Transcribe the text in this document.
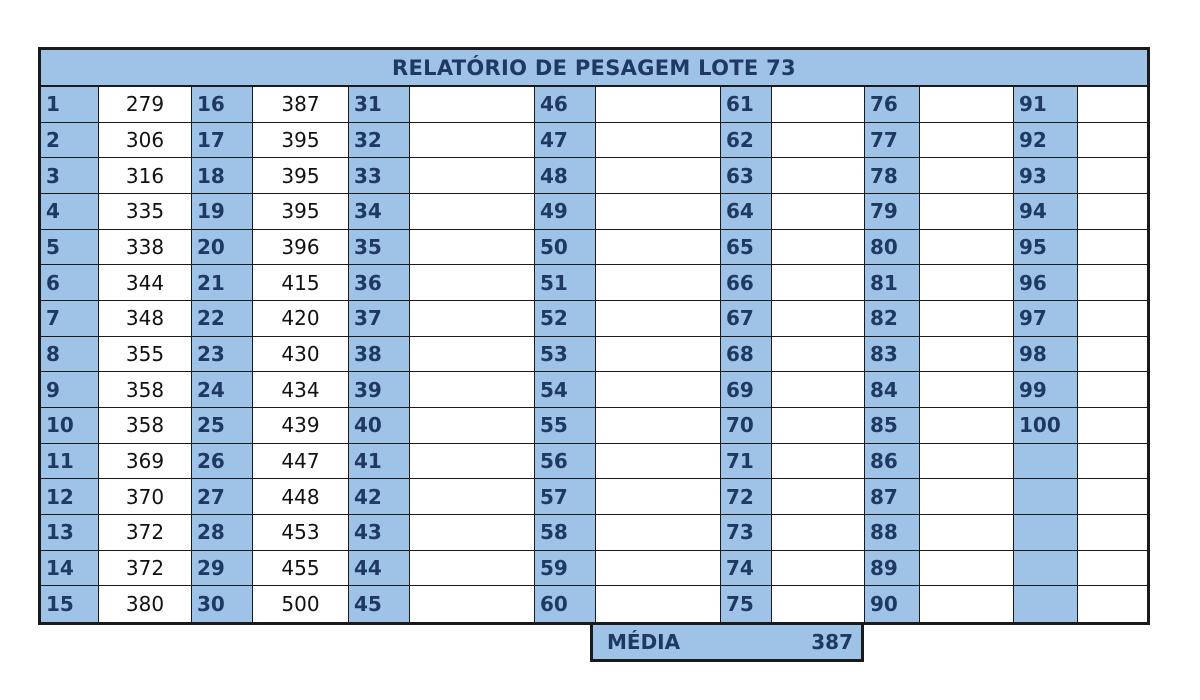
RELATÓRIO DE PESAGEM LOTE 73
1	279	16	387	31	46	61	76	91
2	306	17	395	32	47	62	77	92
3	316	18	395	33	48	63	78	93
4	335	19	395	34	49	64	79	94
5	338	20	396	35	50	65	80	95
6	344	21	415	36	51	66	81	96
7	348	22	420	37	52	67	82	97
8	355	23	430	38	53	68	83	98
9	358	24	434	39	54	69	84	99
10	358	25	439	40	55	70	85	100
11	369	26	447	41	56	71	86
12	370	27	448	42	57	72	87
13	372	28	453	43	58	73	88
14	372	29	455	44	59	74	89
15	380	30	500	45	60	75	90
MÉDIA	387
